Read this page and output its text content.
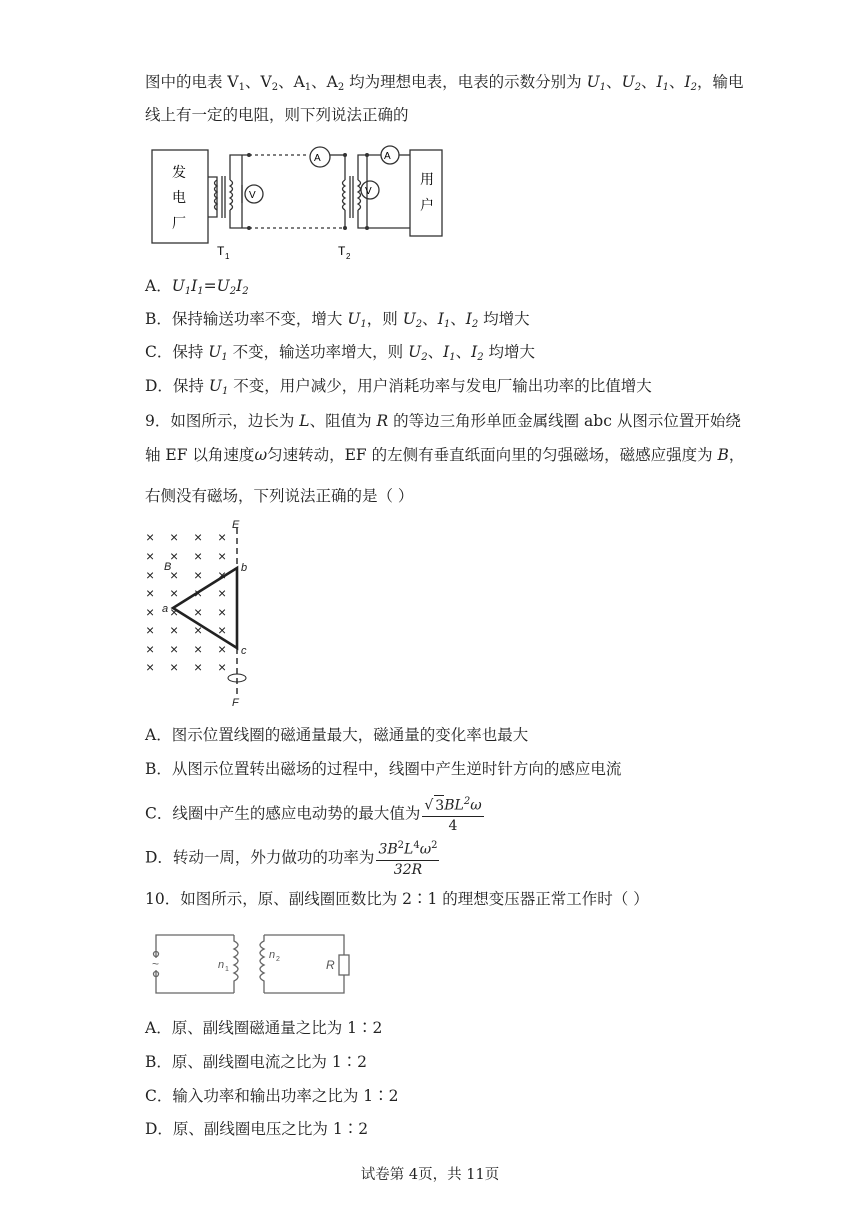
图中的电表 $V_1$、$V_2$、$A_1$、$A_2$ 均为理想电表，电表的示数分别为 $U_1$、$U_2$、$I_1$、$I_2$，输电
线上有一定的电阻，则下列说法正确的
发
电
厂
用
户
V	V
A	A
T 1	T 2
A．$U_1I_1=U_2I_2$
B．保持输送功率不变，增大 $U_1$，则 $U_2$、$I_1$、$I_2$ 均增大
C．保持 $U_1$ 不变，输送功率增大，则 $U_2$、$I_1$、$I_2$ 均增大
D．保持 $U_1$ 不变，用户减少，用户消耗功率与发电厂输出功率的比值增大
9．如图所示，边长为 L、阻值为 R 的等边三角形单匝金属线圈 abc 从图示位置开始绕
轴 EF 以角速度ω匀速转动，EF 的左侧有垂直纸面向里的匀强磁场，磁感应强度为 B，
右侧没有磁场，下列说法正确的是（ ）
× × × ×
× × × ×
× × × ×
× × × ×
× × × ×
× × × ×
× × × ×
× × × ×
E
F
b
a
c
B
A．图示位置线圈的磁通量最大，磁通量的变化率也最大
B．从图示位置转出磁场的过程中，线圈中产生逆时针方向的感应电流
C．线圈中产生的感应电动势的最大值为 $\frac{√ 3BL^2\omega}{4}$
D．转动一周，外力做功的功率为 $\frac{3B^2L^4\omega^2}{32R}$
10．如图所示，原、副线圈匝数比为 2∶1 的理想变压器正常工作时（ ）
~	n 1
n 2	R
A．原、副线圈磁通量之比为 1∶2
B．原、副线圈电流之比为 1∶2
C．输入功率和输出功率之比为 1∶2
D．原、副线圈电压之比为 1∶2
试卷第 4页，共 11页
